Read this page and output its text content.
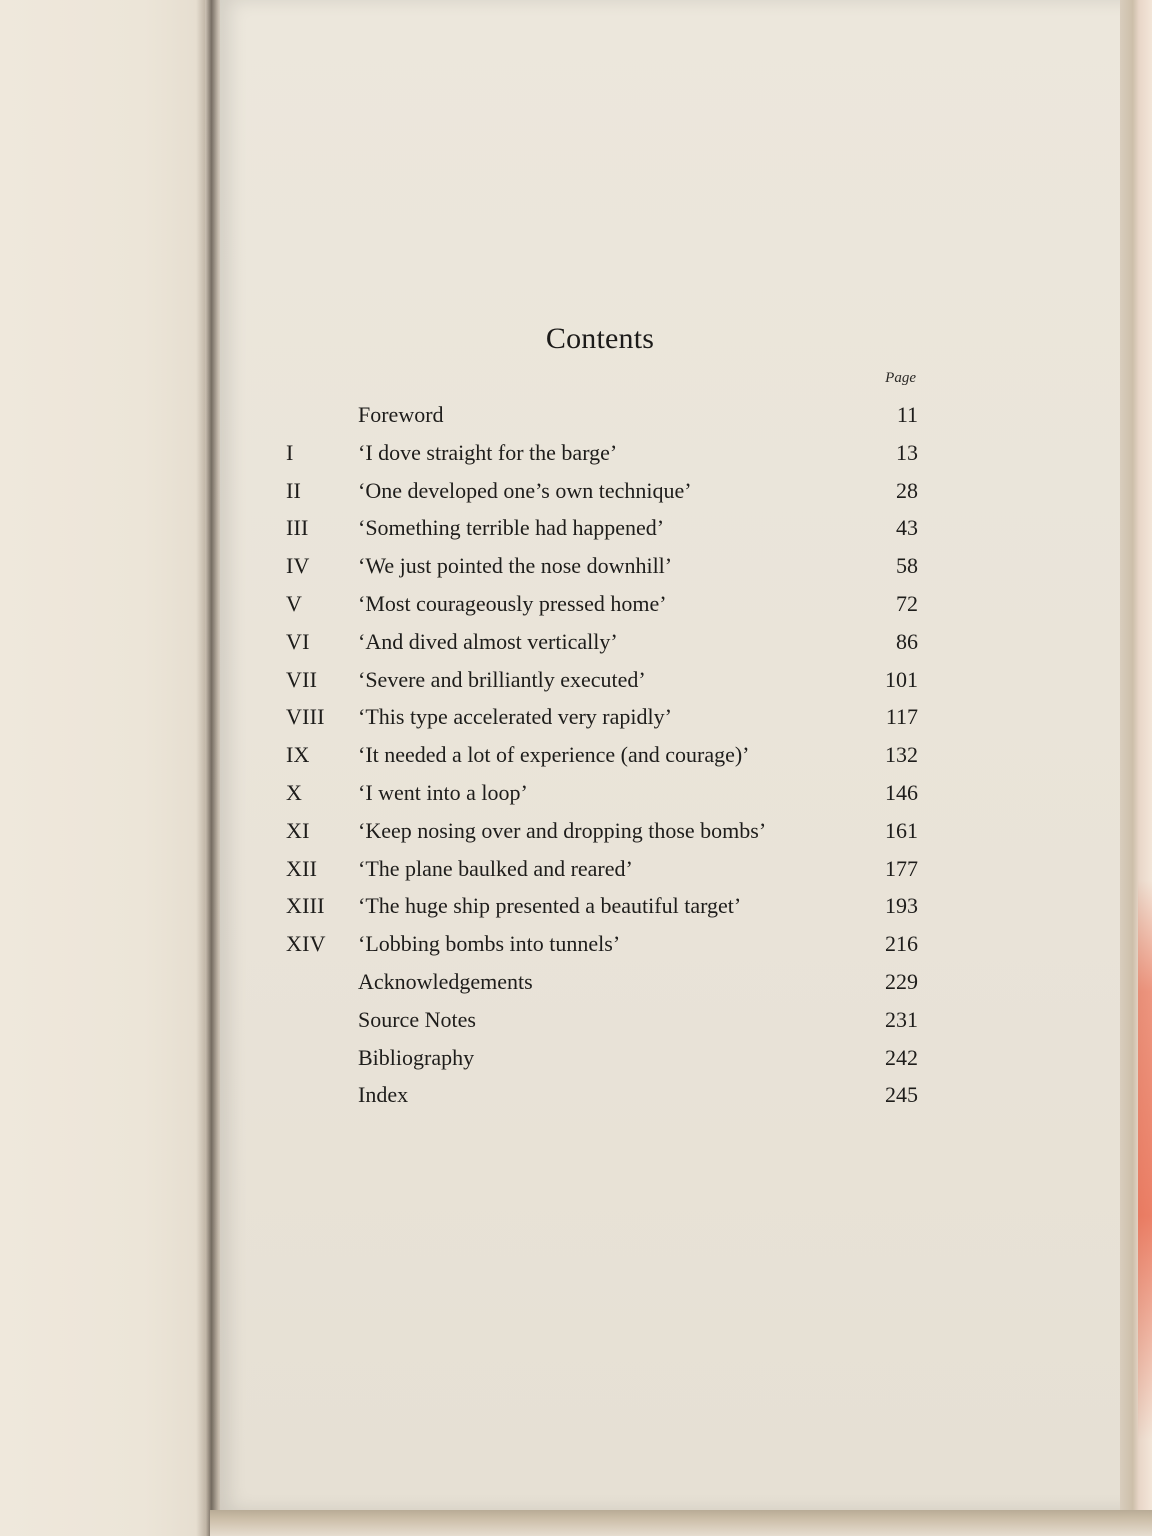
Contents
Page
Foreword	11
I	‘I dove straight for the barge’	13
II	‘One developed one’s own technique’	28
III	‘Something terrible had happened’	43
IV	‘We just pointed the nose downhill’	58
V	‘Most courageously pressed home’	72
VI	‘And dived almost vertically’	86
VII	‘Severe and brilliantly executed’	101
VIII	‘This type accelerated very rapidly’	117
IX	‘It needed a lot of experience (and courage)’	132
X	‘I went into a loop’	146
XI	‘Keep nosing over and dropping those bombs’	161
XII	‘The plane baulked and reared’	177
XIII	‘The huge ship presented a beautiful target’	193
XIV	‘Lobbing bombs into tunnels’	216
Acknowledgements	229
Source Notes	231
Bibliography	242
Index	245
